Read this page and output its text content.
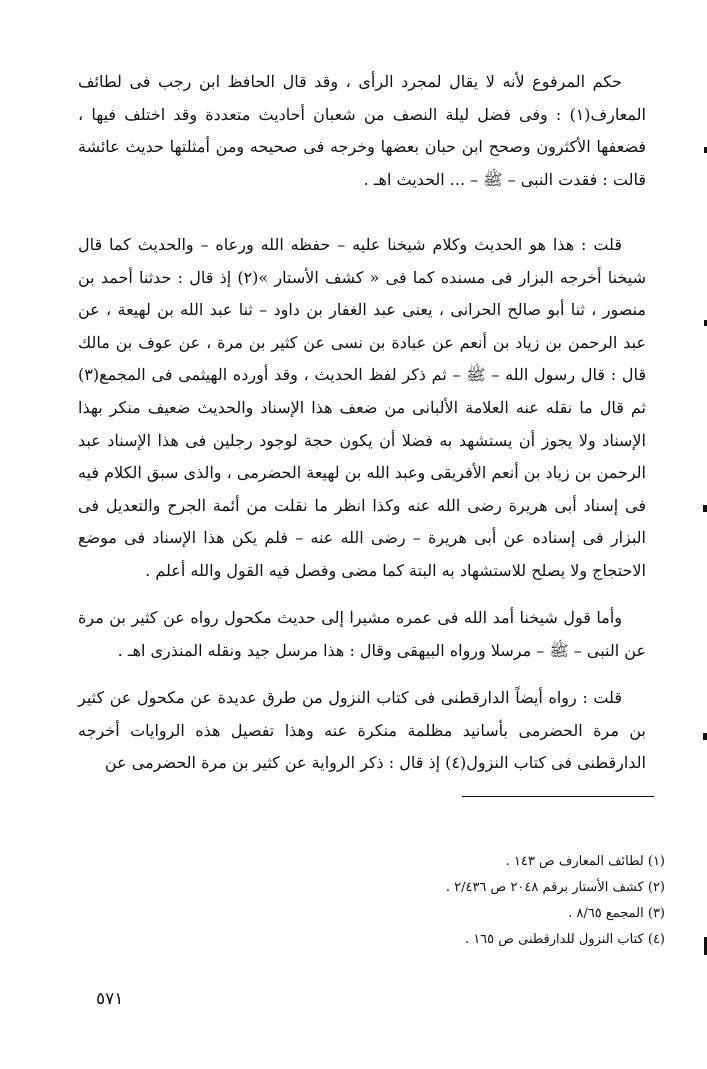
حكم المرفوع لأنه لا يقال لمجرد الرأى ، وقد قال الحافظ ابن رجب فى لطائف المعارف(١) : وفى فضل ليلة النصف من شعبان أحاديث متعددة وقد اختلف فيها ، فضعفها الأكثرون وصحح ابن حبان بعضها وخرجه فى صحيحه ومن أمثلتها حديث عائشة قالت : فقدت النبى – ﷺ – ... الحديث اهـ .

قلت : هذا هو الحديث وكلام شيخنا عليه – حفظه الله ورعاه – والحديث كما قال شيخنا أخرجه البزار فى مسنده كما فى « كشف الأستار »(٢) إذ قال : حدثنا أحمد بن منصور ، ثنا أبو صالح الحرانى ، يعنى عبد الغفار بن داود – ثنا عبد الله بن لهيعة ، عن عبد الرحمن بن زياد بن أنعم عن عبادة بن نسى عن كثير بن مرة ، عن عوف بن مالك قال : قال رسول الله – ﷺ – ثم ذكر لفظ الحديث ، وقد أورده الهيثمى فى المجمع(٣) ثم قال ما نقله عنه العلامة الألبانى من ضعف هذا الإسناد والحديث ضعيف منكر بهذا الإسناد ولا يجوز أن يستشهد به فضلا أن يكون حجة لوجود رجلين فى هذا الإسناد عبد الرحمن بن زياد بن أنعم الأفريقى وعبد الله بن لهيعة الحضرمى ، والذى سبق الكلام فيه فى إسناد أبى هريرة رضى الله عنه وكذا انظر ما نقلت من أئمة الجرح والتعديل فى البزار فى إسناده عن أبى هريرة – رضى الله عنه – فلم يكن هذا الإسناد فى موضع الاحتجاج ولا يصلح للاستشهاد به البتة كما مضى وفصل فيه القول والله أعلم .

وأما قول شيخنا أمد الله فى عمره مشيرا إلى حديث مكحول رواه عن كثير بن مرة عن النبى – ﷺ – مرسلا ورواه البيهقى وقال : هذا مرسل جيد ونقله المنذرى اهـ .

قلت : رواه أيضاً الدارقطنى فى كتاب النزول من طرق عديدة عن مكحول عن كثير بن مرة الحضرمى بأسانيد مظلمة منكرة عنه وهذا تفصيل هذه الروايات أخرجه الدارقطنى فى كتاب النزول(٤) إذ قال : ذكر الرواية عن كثير بن مرة الحضرمى عن

(١) لطائف المعارف ص ١٤٣ .
(٢) كشف الأستار برقم ٢٠٤٨ ص ٢/٤٣٦ .
(٣) المجمع ٨/٦٥ .
(٤) كتاب النزول للدارقطنى ص ١٦٥ .
٥٧١
